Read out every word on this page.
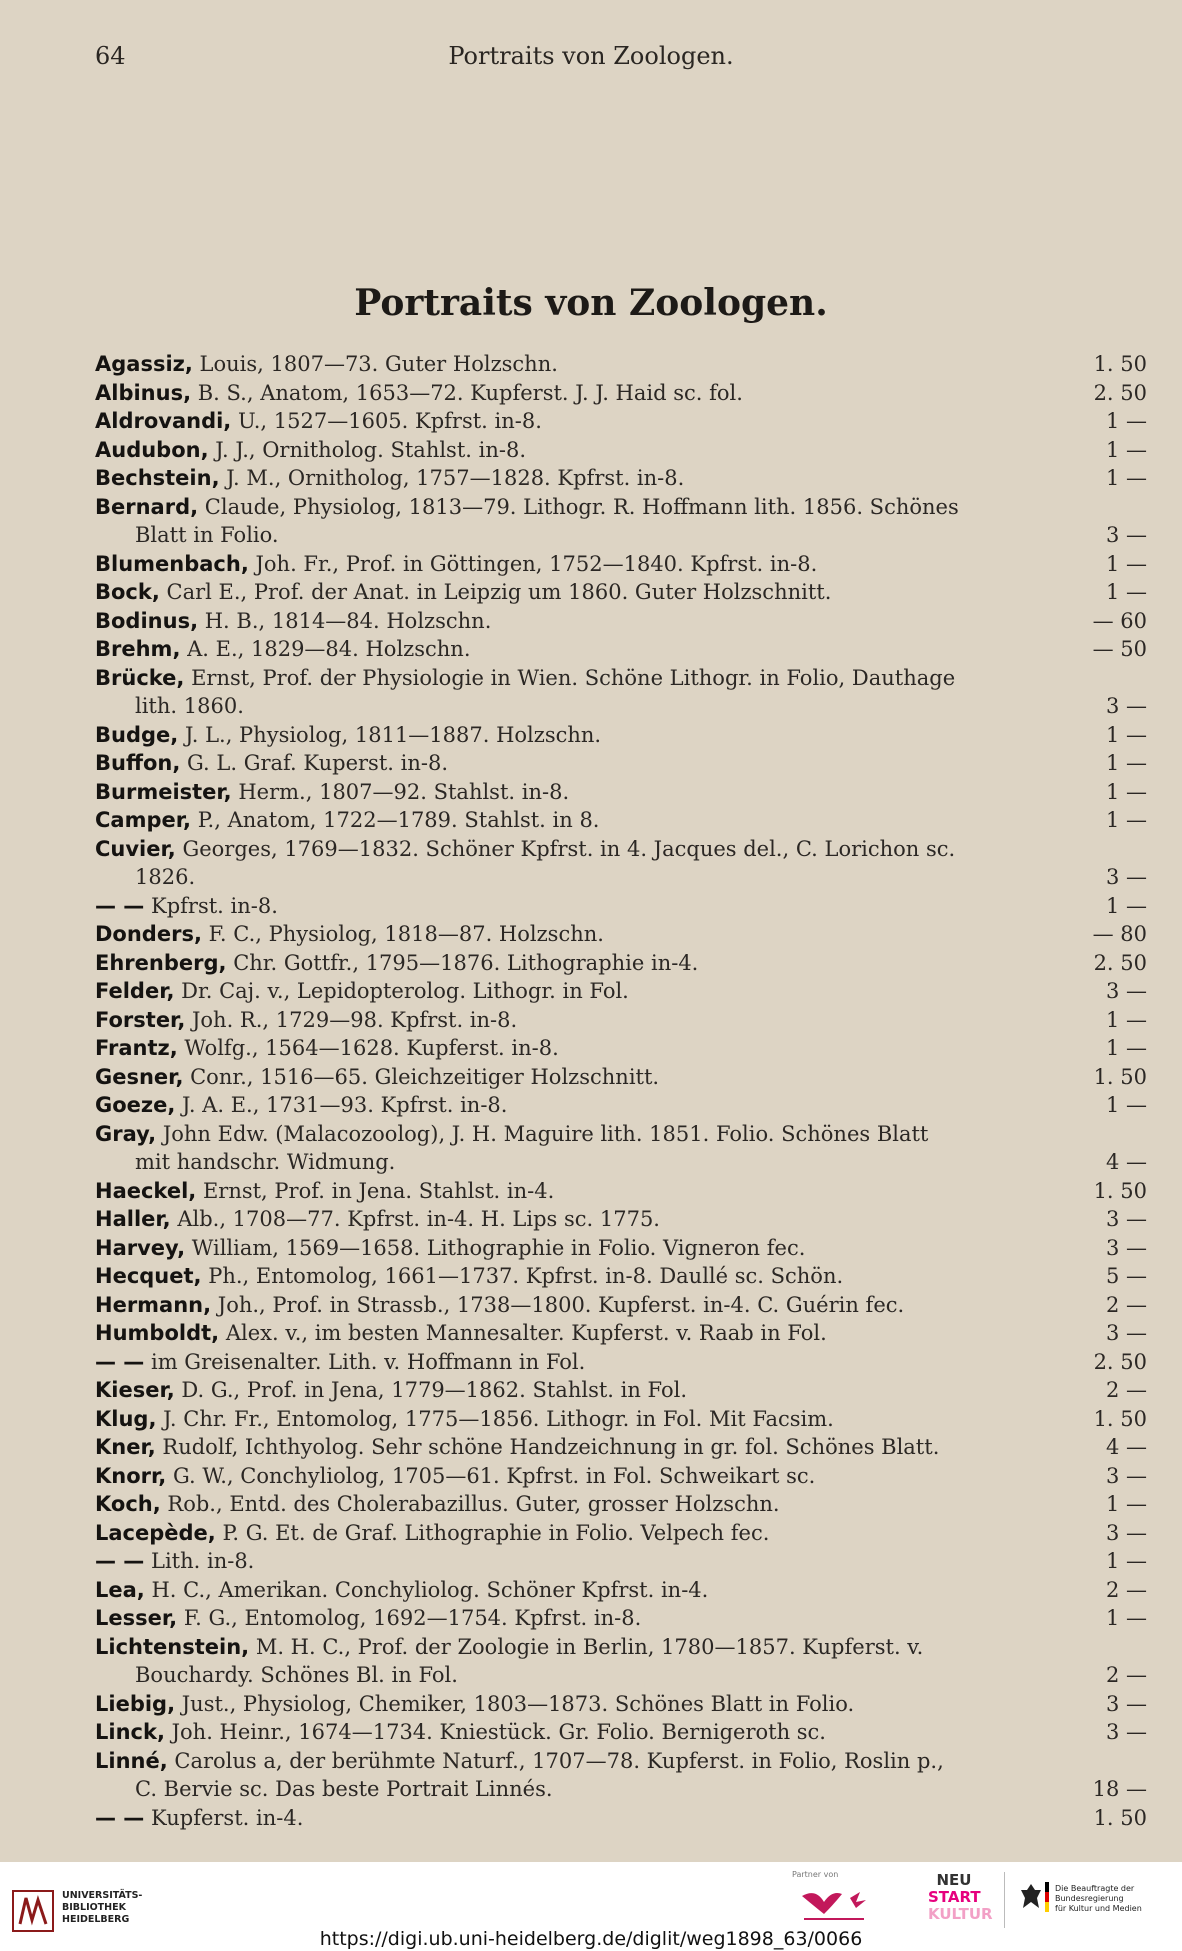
64	Portraits von Zoologen.
Portraits von Zoologen.
Agassiz, Louis, 1807—73. Guter Holzschn.	1. 50
Albinus, B. S., Anatom, 1653—72. Kupferst. J. J. Haid sc. fol.	2. 50
Aldrovandi, U., 1527—1605. Kpfrst. in-8.	1 —
Audubon, J. J., Ornitholog. Stahlst. in-8.	1 —
Bechstein, J. M., Ornitholog, 1757—1828. Kpfrst. in-8.	1 —
Bernard, Claude, Physiolog, 1813—79. Lithogr. R. Hoffmann lith. 1856. Schönes
Blatt in Folio.	3 —
Blumenbach, Joh. Fr., Prof. in Göttingen, 1752—1840. Kpfrst. in-8.	1 —
Bock, Carl E., Prof. der Anat. in Leipzig um 1860. Guter Holzschnitt.	1 —
Bodinus, H. B., 1814—84. Holzschn.	— 60
Brehm, A. E., 1829—84. Holzschn.	— 50
Brücke, Ernst, Prof. der Physiologie in Wien. Schöne Lithogr. in Folio, Dauthage
lith. 1860.	3 —
Budge, J. L., Physiolog, 1811—1887. Holzschn.	1 —
Buffon, G. L. Graf. Kuperst. in-8.	1 —
Burmeister, Herm., 1807—92. Stahlst. in-8.	1 —
Camper, P., Anatom, 1722—1789. Stahlst. in 8.	1 —
Cuvier, Georges, 1769—1832. Schöner Kpfrst. in 4. Jacques del., C. Lorichon sc.
1826.	3 —
— — Kpfrst. in-8.	1 —
Donders, F. C., Physiolog, 1818—87. Holzschn.	— 80
Ehrenberg, Chr. Gottfr., 1795—1876. Lithographie in-4.	2. 50
Felder, Dr. Caj. v., Lepidopterolog. Lithogr. in Fol.	3 —
Forster, Joh. R., 1729—98. Kpfrst. in-8.	1 —
Frantz, Wolfg., 1564—1628. Kupferst. in-8.	1 —
Gesner, Conr., 1516—65. Gleichzeitiger Holzschnitt.	1. 50
Goeze, J. A. E., 1731—93. Kpfrst. in-8.	1 —
Gray, John Edw. (Malacozoolog), J. H. Maguire lith. 1851. Folio. Schönes Blatt
mit handschr. Widmung.	4 —
Haeckel, Ernst, Prof. in Jena. Stahlst. in-4.	1. 50
Haller, Alb., 1708—77. Kpfrst. in-4. H. Lips sc. 1775.	3 —
Harvey, William, 1569—1658. Lithographie in Folio. Vigneron fec.	3 —
Hecquet, Ph., Entomolog, 1661—1737. Kpfrst. in-8. Daullé sc. Schön.	5 —
Hermann, Joh., Prof. in Strassb., 1738—1800. Kupferst. in-4. C. Guérin fec.	2 —
Humboldt, Alex. v., im besten Mannesalter. Kupferst. v. Raab in Fol.	3 —
— — im Greisenalter. Lith. v. Hoffmann in Fol.	2. 50
Kieser, D. G., Prof. in Jena, 1779—1862. Stahlst. in Fol.	2 —
Klug, J. Chr. Fr., Entomolog, 1775—1856. Lithogr. in Fol. Mit Facsim.	1. 50
Kner, Rudolf, Ichthyolog. Sehr schöne Handzeichnung in gr. fol. Schönes Blatt.	4 —
Knorr, G. W., Conchyliolog, 1705—61. Kpfrst. in Fol. Schweikart sc.	3 —
Koch, Rob., Entd. des Cholerabazillus. Guter, grosser Holzschn.	1 —
Lacepède, P. G. Et. de Graf. Lithographie in Folio. Velpech fec.	3 —
— — Lith. in-8.	1 —
Lea, H. C., Amerikan. Conchyliolog. Schöner Kpfrst. in-4.	2 —
Lesser, F. G., Entomolog, 1692—1754. Kpfrst. in-8.	1 —
Lichtenstein, M. H. C., Prof. der Zoologie in Berlin, 1780—1857. Kupferst. v.
Bouchardy. Schönes Bl. in Fol.	2 —
Liebig, Just., Physiolog, Chemiker, 1803—1873. Schönes Blatt in Folio.	3 —
Linck, Joh. Heinr., 1674—1734. Kniestück. Gr. Folio. Bernigeroth sc.	3 —
Linné, Carolus a, der berühmte Naturf., 1707—78. Kupferst. in Folio, Roslin p.,
C. Bervie sc. Das beste Portrait Linnés.	18 —
— — Kupferst. in-4.	1. 50
UNIVERSITÄTS-
BIBLIOTHEK
HEIDELBERG
Partner von	NEU
START
KULTUR
Die Beauftragte der Bundesregierung
für Kultur und Medien
https://digi.ub.uni-heidelberg.de/diglit/weg1898_63/0066
